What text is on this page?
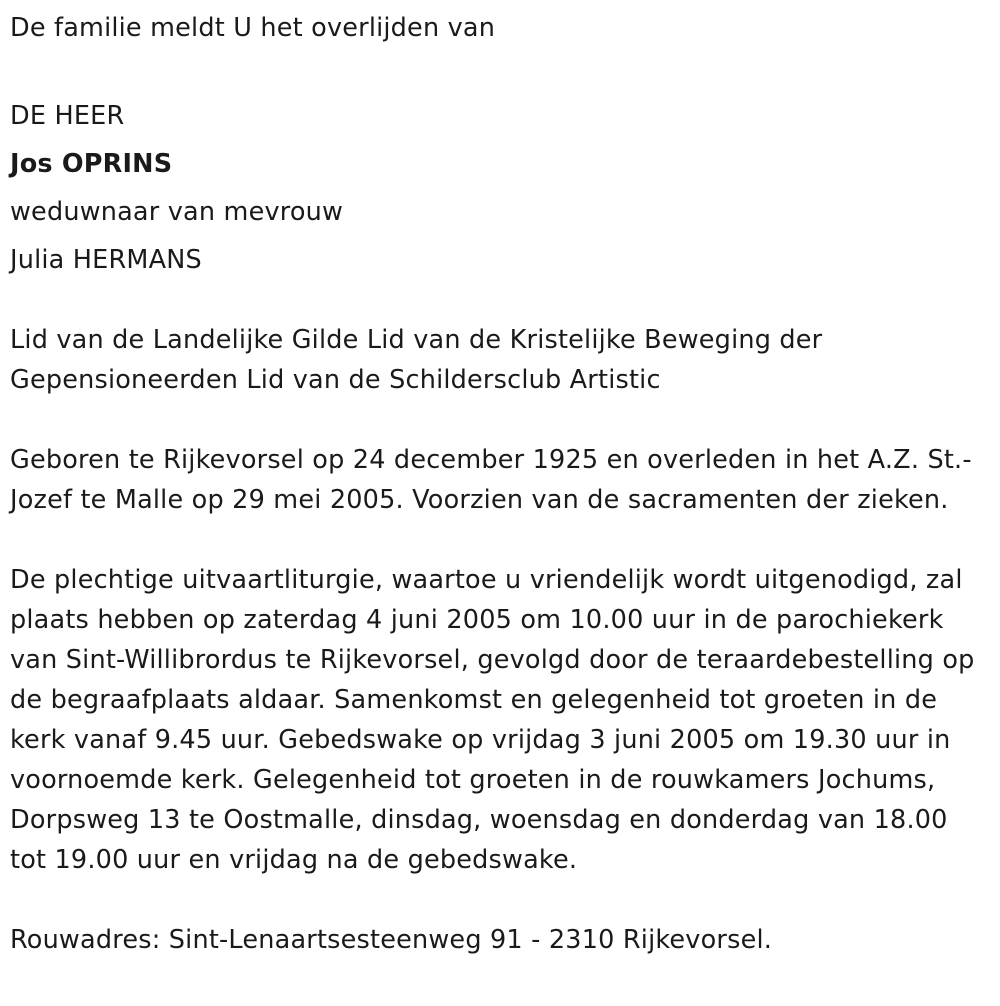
De familie meldt U het overlijden van

DE HEER

Jos OPRINS

weduwnaar van mevrouw

Julia HERMANS

Lid van de Landelijke Gilde Lid van de Kristelijke Beweging der Gepensioneerden Lid van de Schildersclub Artistic

Geboren te Rijkevorsel op 24 december 1925 en overleden in het A.Z. St.-Jozef te Malle op 29 mei 2005. Voorzien van de sacramenten der zieken.

De plechtige uitvaartliturgie, waartoe u vriendelijk wordt uitgenodigd, zal plaats hebben op zaterdag 4 juni 2005 om 10.00 uur in de parochiekerk van Sint-Willibrordus te Rijkevorsel, gevolgd door de teraardebestelling op de begraafplaats aldaar. Samenkomst en gelegenheid tot groeten in de kerk vanaf 9.45 uur. Gebedswake op vrijdag 3 juni 2005 om 19.30 uur in voornoemde kerk. Gelegenheid tot groeten in de rouwkamers Jochums, Dorpsweg 13 te Oostmalle, dinsdag, woensdag en donderdag van 18.00 tot 19.00 uur en vrijdag na de gebedswake.

Rouwadres: Sint-Lenaartsesteenweg 91 - 2310 Rijkevorsel.
